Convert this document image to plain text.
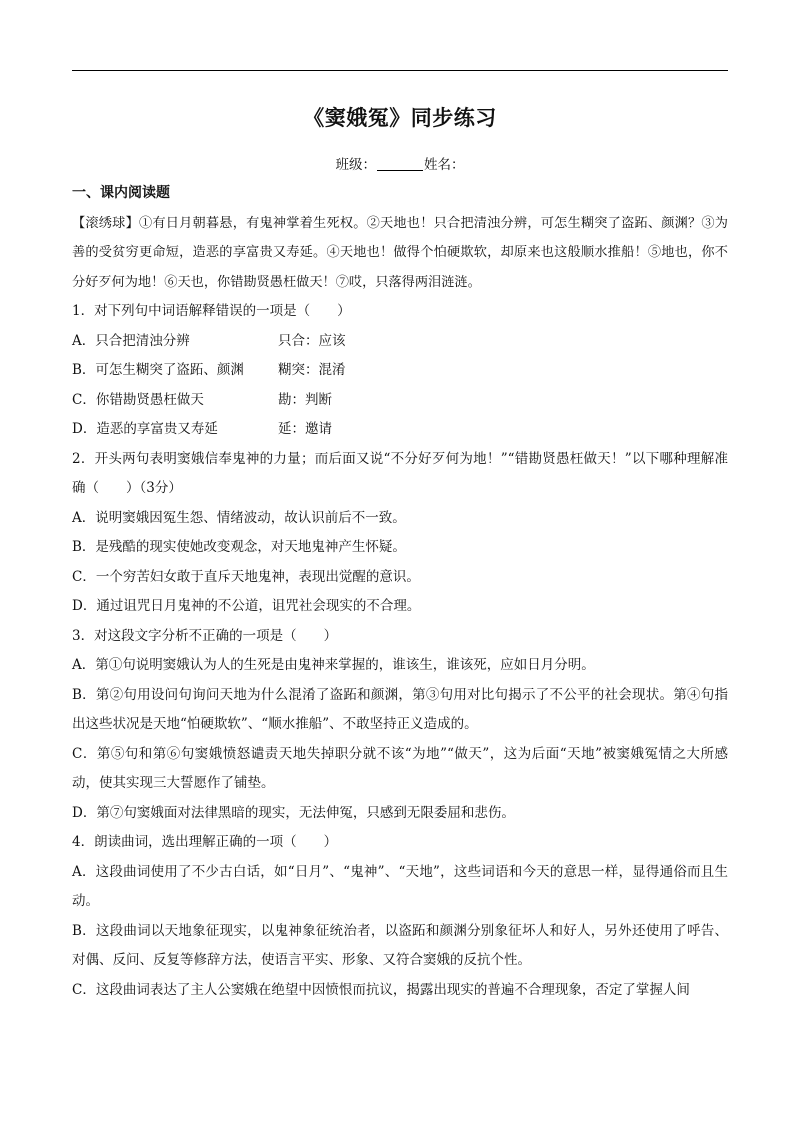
《窦娥冤》同步练习
班级：	姓名：

一、课内阅读题

【滚绣球】①有日月朝暮悬，有鬼神掌着生死权。②天地也！只合把清浊分辨，可怎生糊突了盗跖、颜渊？③为善的受贫穷更命短，造恶的享富贵又寿延。④天地也！做得个怕硬欺软，却原来也这般顺水推船！⑤地也，你不分好歹何为地！⑥天也，你错勘贤愚枉做天！⑦哎，只落得两泪涟涟。

1．对下列句中词语解释错误的一项是（　　）

A．只合把清浊分辨	只合：应该
B．可怎生糊突了盗跖、颜渊	糊突：混淆
C．你错勘贤愚枉做天	勘：判断
D．造恶的享富贵又寿延	延：邀请

2．开头两句表明窦娥信奉鬼神的力量；而后面又说“不分好歹何为地！”“错勘贤愚枉做天！”以下哪种理解准确（　　）（3分）

A．说明窦娥因冤生怨、情绪波动，故认识前后不一致。

B．是残酷的现实使她改变观念，对天地鬼神产生怀疑。

C．一个穷苦妇女敢于直斥天地鬼神，表现出觉醒的意识。

D．通过诅咒日月鬼神的不公道，诅咒社会现实的不合理。

3．对这段文字分析不正确的一项是（　　）

A．第①句说明窦娥认为人的生死是由鬼神来掌握的，谁该生，谁该死，应如日月分明。

B．第②句用设问句询问天地为什么混淆了盗跖和颜渊，第③句用对比句揭示了不公平的社会现状。第④句指出这些状况是天地“怕硬欺软”、“顺水推船”、不敢坚持正义造成的。

C．第⑤句和第⑥句窦娥愤怒谴责天地失掉职分就不该“为地”“做天”，这为后面“天地”被窦娥冤情之大所感动，使其实现三大誓愿作了铺垫。

D．第⑦句窦娥面对法律黑暗的现实，无法伸冤，只感到无限委屈和悲伤。

4．朗读曲词，选出理解正确的一项（　　）

A．这段曲词使用了不少古白话，如“日月”、“鬼神”、“天地”，这些词语和今天的意思一样，显得通俗而且生动。

B．这段曲词以天地象征现实，以鬼神象征统治者，以盗跖和颜渊分别象征坏人和好人，另外还使用了呼告、对偶、反问、反复等修辞方法，使语言平实、形象、又符合窦娥的反抗个性。

C．这段曲词表达了主人公窦娥在绝望中因愤恨而抗议，揭露出现实的普遍不合理现象，否定了掌握人间
